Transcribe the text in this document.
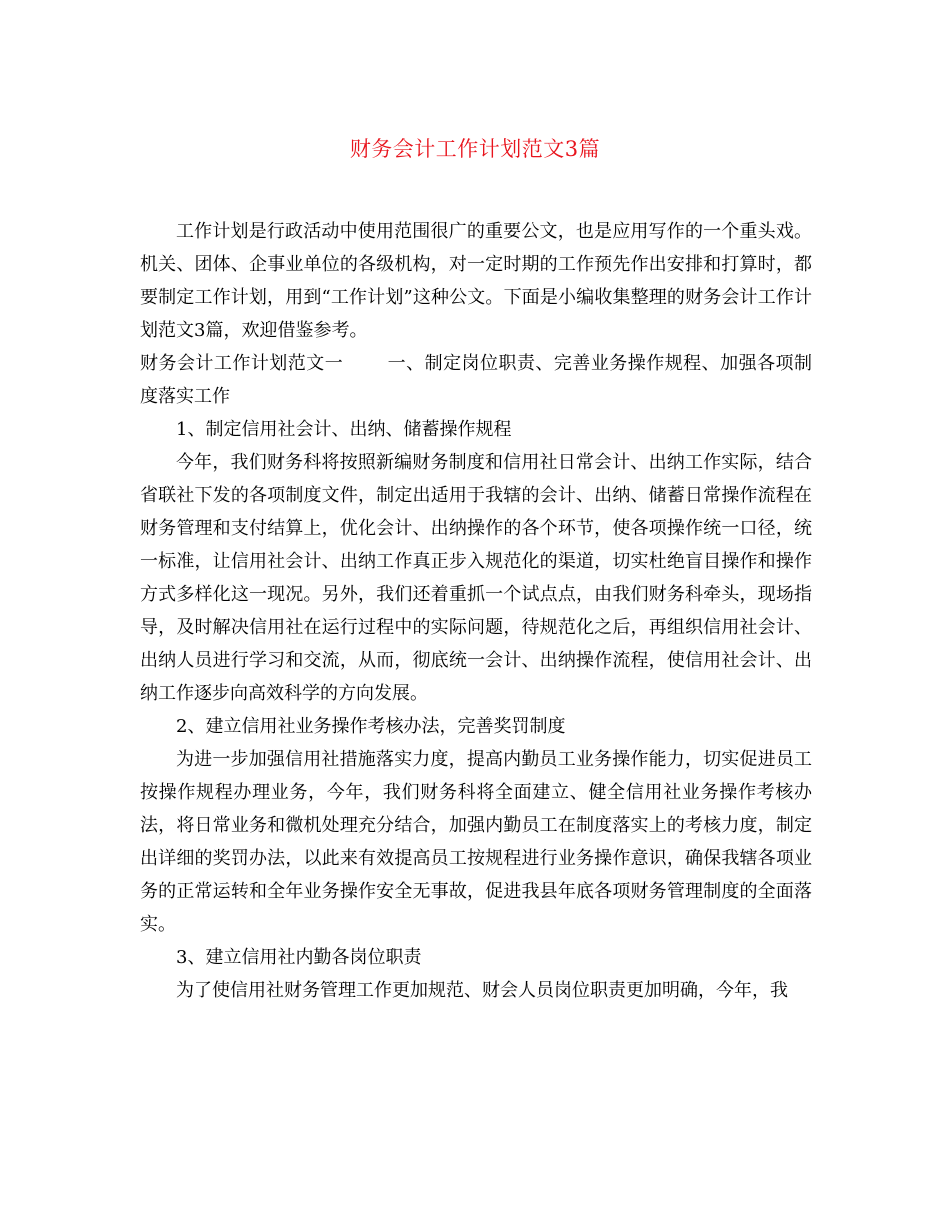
财务会计工作计划范文3篇

工作计划是行政活动中使用范围很广的重要公文，也是应用写作的一个重头戏。机关、团体、企事业单位的各级机构，对一定时期的工作预先作出安排和打算时，都要制定工作计划，用到“工作计划”这种公文。下面是小编收集整理的财务会计工作计划范文3篇，欢迎借鉴参考。

财务会计工作计划范文一 一、制定岗位职责、完善业务操作规程、加强各项制度落实工作

1、制定信用社会计、出纳、储蓄操作规程

今年，我们财务科将按照新编财务制度和信用社日常会计、出纳工作实际，结合省联社下发的各项制度文件，制定出适用于我辖的会计、出纳、储蓄日常操作流程在财务管理和支付结算上，优化会计、出纳操作的各个环节，使各项操作统一口径，统一标准，让信用社会计、出纳工作真正步入规范化的渠道，切实杜绝盲目操作和操作方式多样化这一现况。另外，我们还着重抓一个试点点，由我们财务科牵头，现场指导，及时解决信用社在运行过程中的实际问题，待规范化之后，再组织信用社会计、出纳人员进行学习和交流，从而，彻底统一会计、出纳操作流程，使信用社会计、出纳工作逐步向高效科学的方向发展。

2、建立信用社业务操作考核办法，完善奖罚制度

为进一步加强信用社措施落实力度，提高内勤员工业务操作能力，切实促进员工按操作规程办理业务，今年，我们财务科将全面建立、健全信用社业务操作考核办法，将日常业务和微机处理充分结合，加强内勤员工在制度落实上的考核力度，制定出详细的奖罚办法，以此来有效提高员工按规程进行业务操作意识，确保我辖各项业务的正常运转和全年业务操作安全无事故，促进我县年底各项财务管理制度的全面落实。

3、建立信用社内勤各岗位职责

为了使信用社财务管理工作更加规范、财会人员岗位职责更加明确，今年，我
